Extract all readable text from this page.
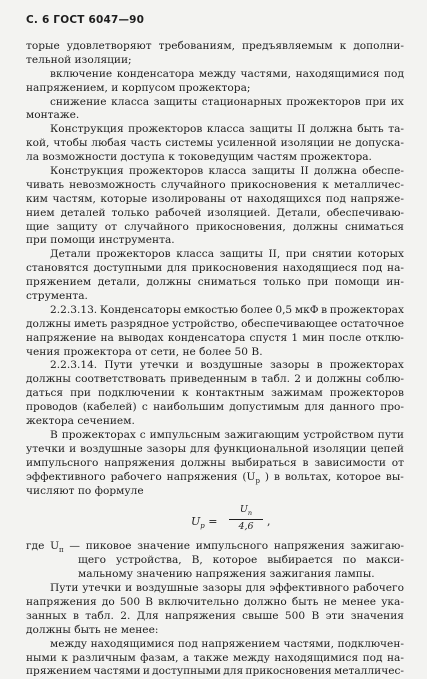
С. 6 ГОСТ 6047—90
торые удовлетворяют требованиям, предъявляемым к дополни-
тельной изоляции;
включение конденсатора между частями, находящимися под
напряжением, и корпусом прожектора;
снижение класса защиты стационарных прожекторов при их
монтаже.
Конструкция прожекторов класса защиты II должна быть та-
кой, чтобы любая часть системы усиленной изоляции не допуска-
ла возможности доступа к токоведущим частям прожектора.
Конструкция прожекторов класса защиты II должна обеспе-
чивать невозможность случайного прикосновения к металличес-
ким частям, которые изолированы от находящихся под напряже-
нием деталей только рабочей изоляцией. Детали, обеспечиваю-
щие защиту от случайного прикосновения, должны сниматься
при помощи инструмента.
Детали прожекторов класса защиты II, при снятии которых
становятся доступными для прикосновения находящиеся под на-
пряжением детали, должны сниматься только при помощи ин-
струмента.
2.2.3.13. Конденсаторы емкостью более 0,5 мкФ в прожекторах
должны иметь разрядное устройство, обеспечивающее остаточное
напряжение на выводах конденсатора спустя 1 мин после отклю-
чения прожектора от сети, не более 50 В.
2.2.3.14. Пути утечки и воздушные зазоры в прожекторах
должны соответствовать приведенным в табл. 2 и должны соблю-
даться при подключении к контактным зажимам прожекторов
проводов (кабелей) с наибольшим допустимым для данного про-
жектора сечением.
В прожекторах с импульсным зажигающим устройством пути
утечки и воздушные зазоры для функциональной изоляции цепей
импульсного напряжения должны выбираться в зависимости от
эффективного рабочего напряжения ($U_р$ ) в вольтах, которое вы-
числяют по формуле
$U_р$ =
$U_п$
4,6	,
где $U_п$ — пиковое значение импульсного напряжения зажигаю-
щего устройства, В, которое выбирается по макси-
мальному значению напряжения зажигания лампы.
Пути утечки и воздушные зазоры для эффективного рабочего
напряжения до 500 В включительно должно быть не менее ука-
занных в табл. 2. Для напряжения свыше 500 В эти значения
должны быть не менее:
между находящимися под напряжением частями, подключен-
ными к различным фазам, а также между находящимися под на-
пряжением частями и доступными для прикосновения металличес-
